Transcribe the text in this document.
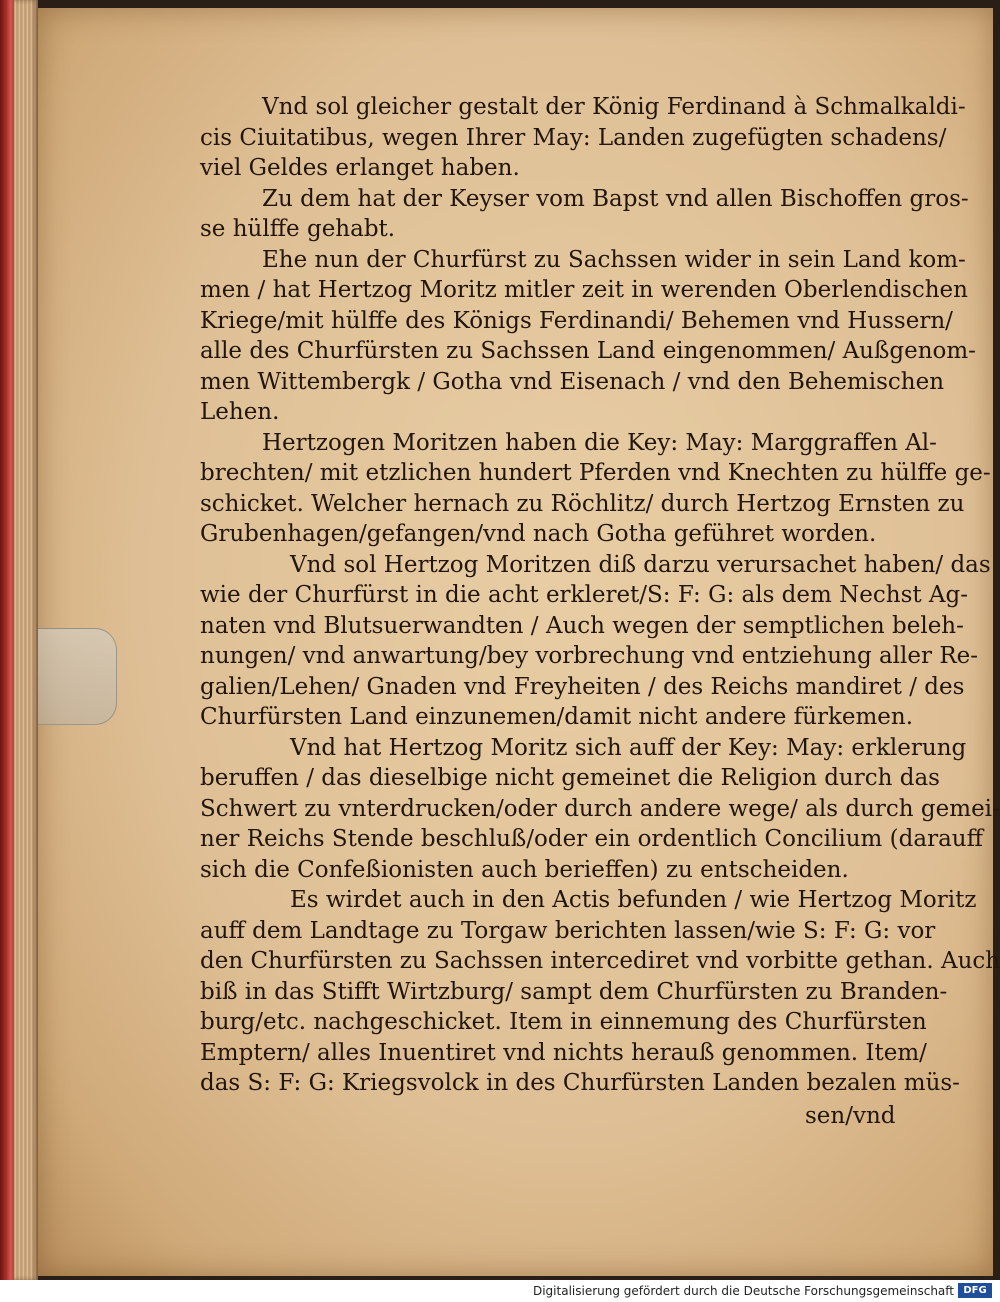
Vnd sol gleicher gestalt der König Ferdinand à Schmalkaldi-
cis Ciuitatibus, wegen Ihrer May: Landen zugefügten schadens/
viel Geldes erlanget haben.
Zu dem hat der Keyser vom Bapst vnd allen Bischoffen gros-
se hülffe gehabt.
Ehe nun der Churfürst zu Sachssen wider in sein Land kom-
men / hat Hertzog Moritz mitler zeit in werenden Oberlendischen
Kriege/mit hülffe des Königs Ferdinandi/ Behemen vnd Hussern/
alle des Churfürsten zu Sachssen Land eingenommen/ Außgenom-
men Wittembergk / Gotha vnd Eisenach / vnd den Behemischen
Lehen.
Hertzogen Moritzen haben die Key: May: Marggraffen Al-
brechten/ mit etzlichen hundert Pferden vnd Knechten zu hülffe ge-
schicket. Welcher hernach zu Röchlitz/ durch Hertzog Ernsten zu
Grubenhagen/gefangen/vnd nach Gotha geführet worden.
Vnd sol Hertzog Moritzen diß darzu verursachet haben/ das
wie der Churfürst in die acht erkleret/S: F: G: als dem Nechst Ag-
naten vnd Blutsuerwandten / Auch wegen der semptlichen beleh-
nungen/ vnd anwartung/bey vorbrechung vnd entziehung aller Re-
galien/Lehen/ Gnaden vnd Freyheiten / des Reichs mandiret / des
Churfürsten Land einzunemen/damit nicht andere fürkemen.
Vnd hat Hertzog Moritz sich auff der Key: May: erklerung
beruffen / das dieselbige nicht gemeinet die Religion durch das
Schwert zu vnterdrucken/oder durch andere wege/ als durch gemei-
ner Reichs Stende beschluß/oder ein ordentlich Concilium (darauff
sich die Confeßionisten auch berieffen) zu entscheiden.
Es wirdet auch in den Actis befunden / wie Hertzog Moritz
auff dem Landtage zu Torgaw berichten lassen/wie S: F: G: vor
den Churfürsten zu Sachssen intercediret vnd vorbitte gethan. Auch
biß in das Stifft Wirtzburg/ sampt dem Churfürsten zu Branden-
burg/etc. nachgeschicket. Item in einnemung des Churfürsten
Emptern/ alles Inuentiret vnd nichts herauß genommen. Item/
das S: F: G: Kriegsvolck in des Churfürsten Landen bezalen müs-
sen/vnd
Digitalisierung gefördert durch die Deutsche Forschungsgemeinschaft DFG
